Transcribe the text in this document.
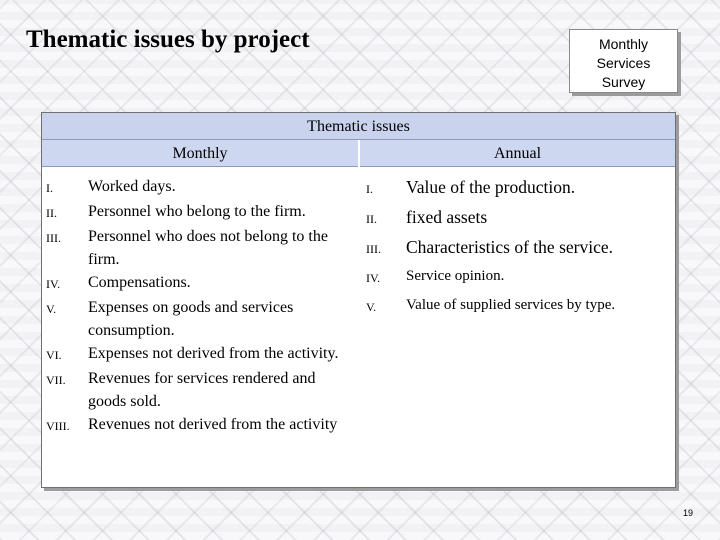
Thematic issues by project	Monthly
Services
Survey
Thematic issues
Monthly	Annual
I.	Worked days.
II.	Personnel who belong to the firm.
III.	Personnel who does not belong to the firm.
IV.	Compensations.
V.	Expenses on goods and services consumption.
VI.	Expenses not derived from the activity.
VII.	Revenues for services rendered and goods sold.
VIII.	Revenues not derived from the activity
I.	Value of the production.
II.	fixed assets
III.	Characteristics of the service.
IV.	Service opinion.
V.	Value of supplied services by type.
19
